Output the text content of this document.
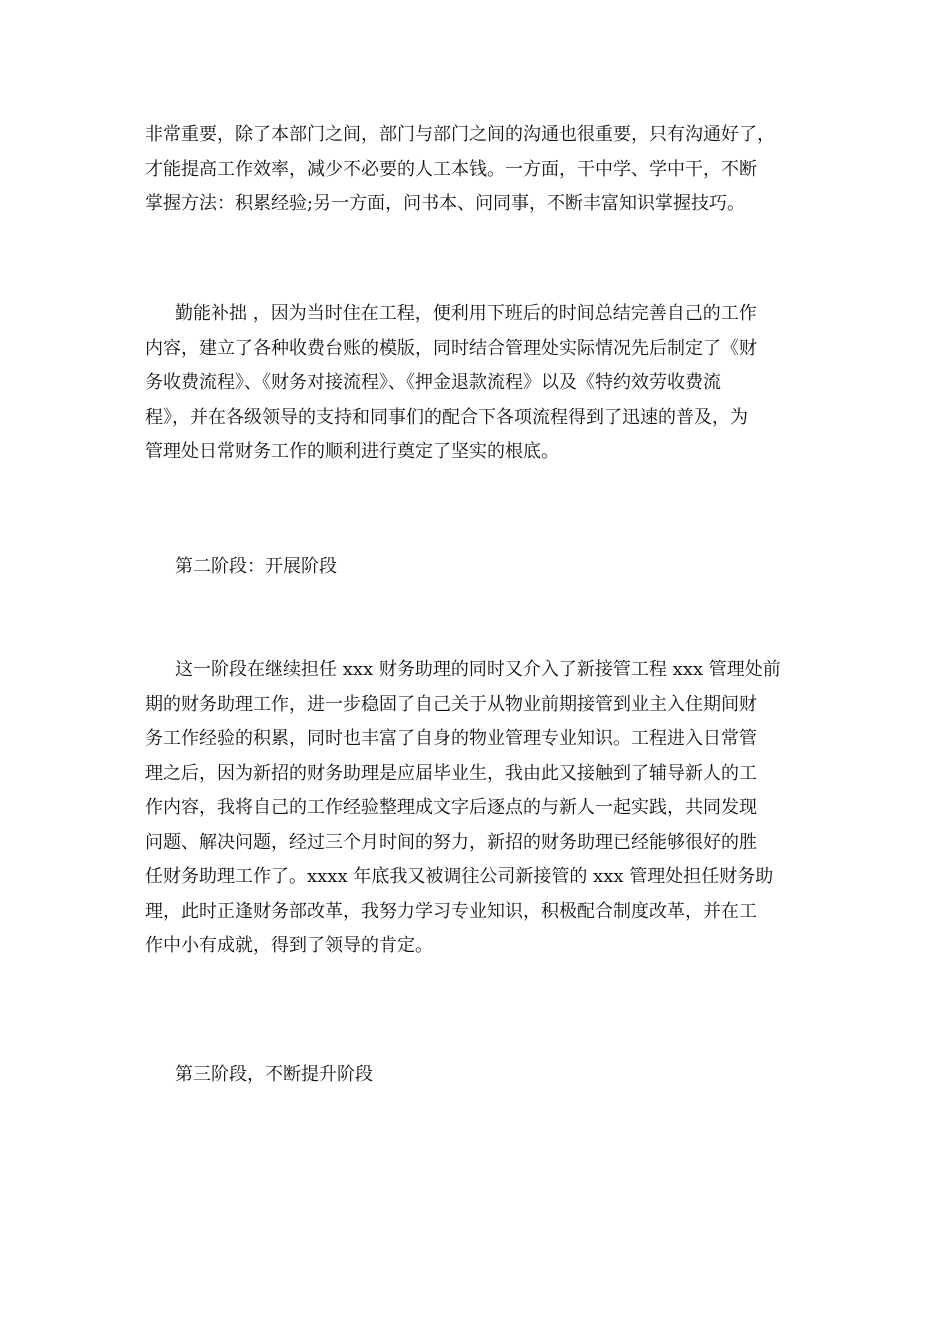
非常重要，除了本部门之间，部门与部门之间的沟通也很重要，只有沟通好了，
才能提高工作效率，减少不必要的人工本钱。一方面，干中学、学中干，不断
掌握方法：积累经验;另一方面，问书本、问同事，不断丰富知识掌握技巧。
勤能补拙 ，因为当时住在工程，便利用下班后的时间总结完善自己的工作
内容，建立了各种收费台账的模版，同时结合管理处实际情况先后制定了《财
务收费流程》、《财务对接流程》、《押金退款流程》以及《特约效劳收费流
程》，并在各级领导的支持和同事们的配合下各项流程得到了迅速的普及，为
管理处日常财务工作的顺利进行奠定了坚实的根底。
第二阶段：开展阶段
这一阶段在继续担任 xxx 财务助理的同时又介入了新接管工程 xxx 管理处前
期的财务助理工作，进一步稳固了自己关于从物业前期接管到业主入住期间财
务工作经验的积累，同时也丰富了自身的物业管理专业知识。工程进入日常管
理之后，因为新招的财务助理是应届毕业生，我由此又接触到了辅导新人的工
作内容，我将自己的工作经验整理成文字后逐点的与新人一起实践，共同发现
问题、解决问题，经过三个月时间的努力，新招的财务助理已经能够很好的胜
任财务助理工作了。xxxx 年底我又被调往公司新接管的 xxx 管理处担任财务助
理，此时正逢财务部改革，我努力学习专业知识，积极配合制度改革，并在工
作中小有成就，得到了领导的肯定。
第三阶段，不断提升阶段
